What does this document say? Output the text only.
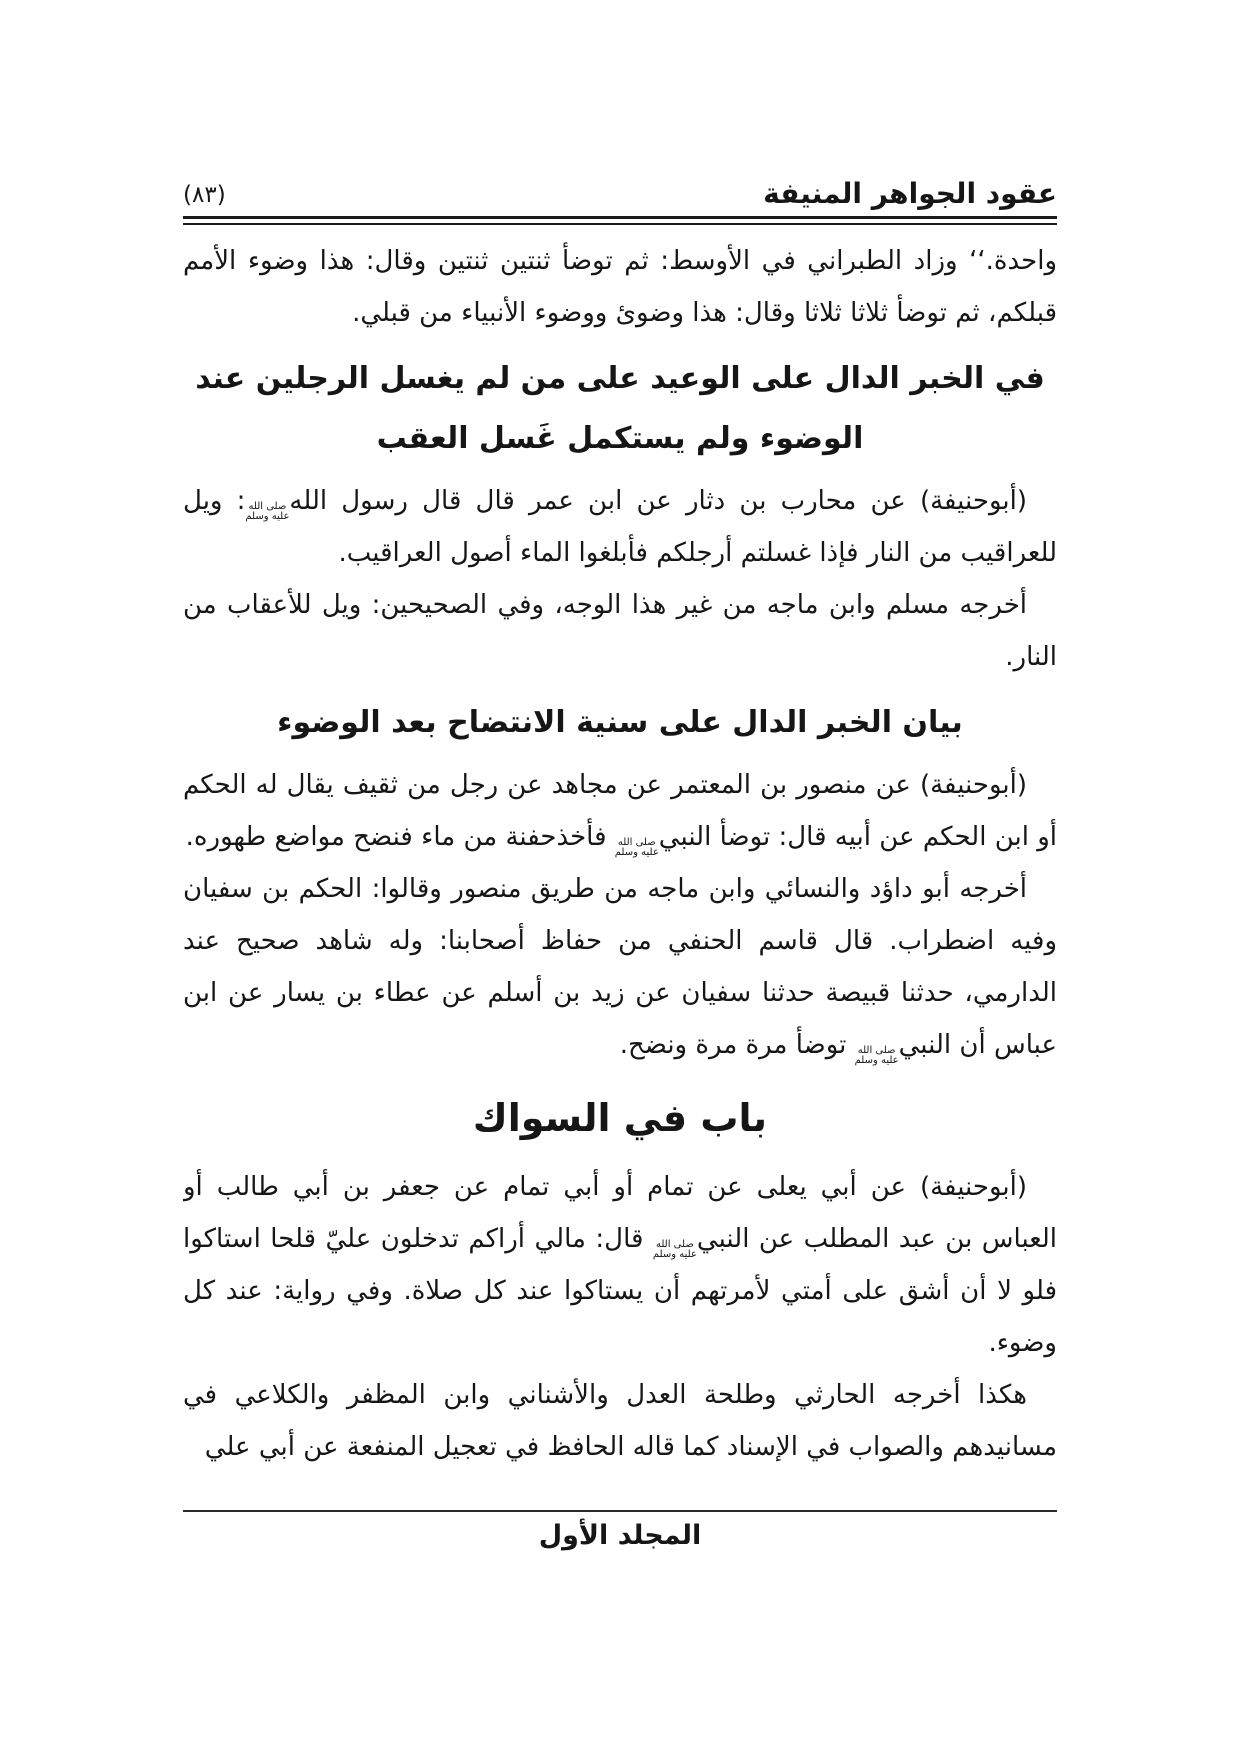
عقود الجواهر المنيفة
(٨٣)

واحدة.‘‘ وزاد الطبراني في الأوسط: ثم توضأ ثنتين ثنتين وقال: هذا وضوء الأمم قبلكم، ثم توضأ ثلاثا ثلاثا وقال: هذا وضوئ ووضوء الأنبياء من قبلي.

في الخبر الدال على الوعيد على من لم يغسل الرجلين عند
الوضوء ولم يستكمل غَسل العقب

(أبوحنيفة) عن محارب بن دثار عن ابن عمر قال قال رسول اللهصلى الله عليه وسلم: ويل للعراقيب من النار فإذا غسلتم أرجلكم فأبلغوا الماء أصول العراقيب.

أخرجه مسلم وابن ماجه من غير هذا الوجه، وفي الصحيحين: ويل للأعقاب من النار.

بيان الخبر الدال على سنية الانتضاح بعد الوضوء

(أبوحنيفة) عن منصور بن المعتمر عن مجاهد عن رجل من ثقيف يقال له الحكم أو ابن الحكم عن أبيه قال: توضأ النبيصلى الله عليه وسلم فأخذحفنة من ماء فنضح مواضع طهوره.

أخرجه أبو داؤد والنسائي وابن ماجه من طريق منصور وقالوا: الحكم بن سفيان وفيه اضطراب. قال قاسم الحنفي من حفاظ أصحابنا: وله شاهد صحيح عند الدارمي، حدثنا قبيصة حدثنا سفيان عن زيد بن أسلم عن عطاء بن يسار عن ابن عباس أن النبيصلى الله عليه وسلم توضأ مرة مرة ونضح.

باب في السواك

(أبوحنيفة) عن أبي يعلى عن تمام أو أبي تمام عن جعفر بن أبي طالب أو العباس بن عبد المطلب عن النبيصلى الله عليه وسلم قال: مالي أراكم تدخلون عليّ قلحا استاكوا فلو لا أن أشق على أمتي لأمرتهم أن يستاكوا عند كل صلاة. وفي رواية: عند كل وضوء.

هكذا أخرجه الحارثي وطلحة العدل والأشناني وابن المظفر والكلاعي في مسانيدهم والصواب في الإسناد كما قاله الحافظ في تعجيل المنفعة عن أبي علي

المجلد الأول
